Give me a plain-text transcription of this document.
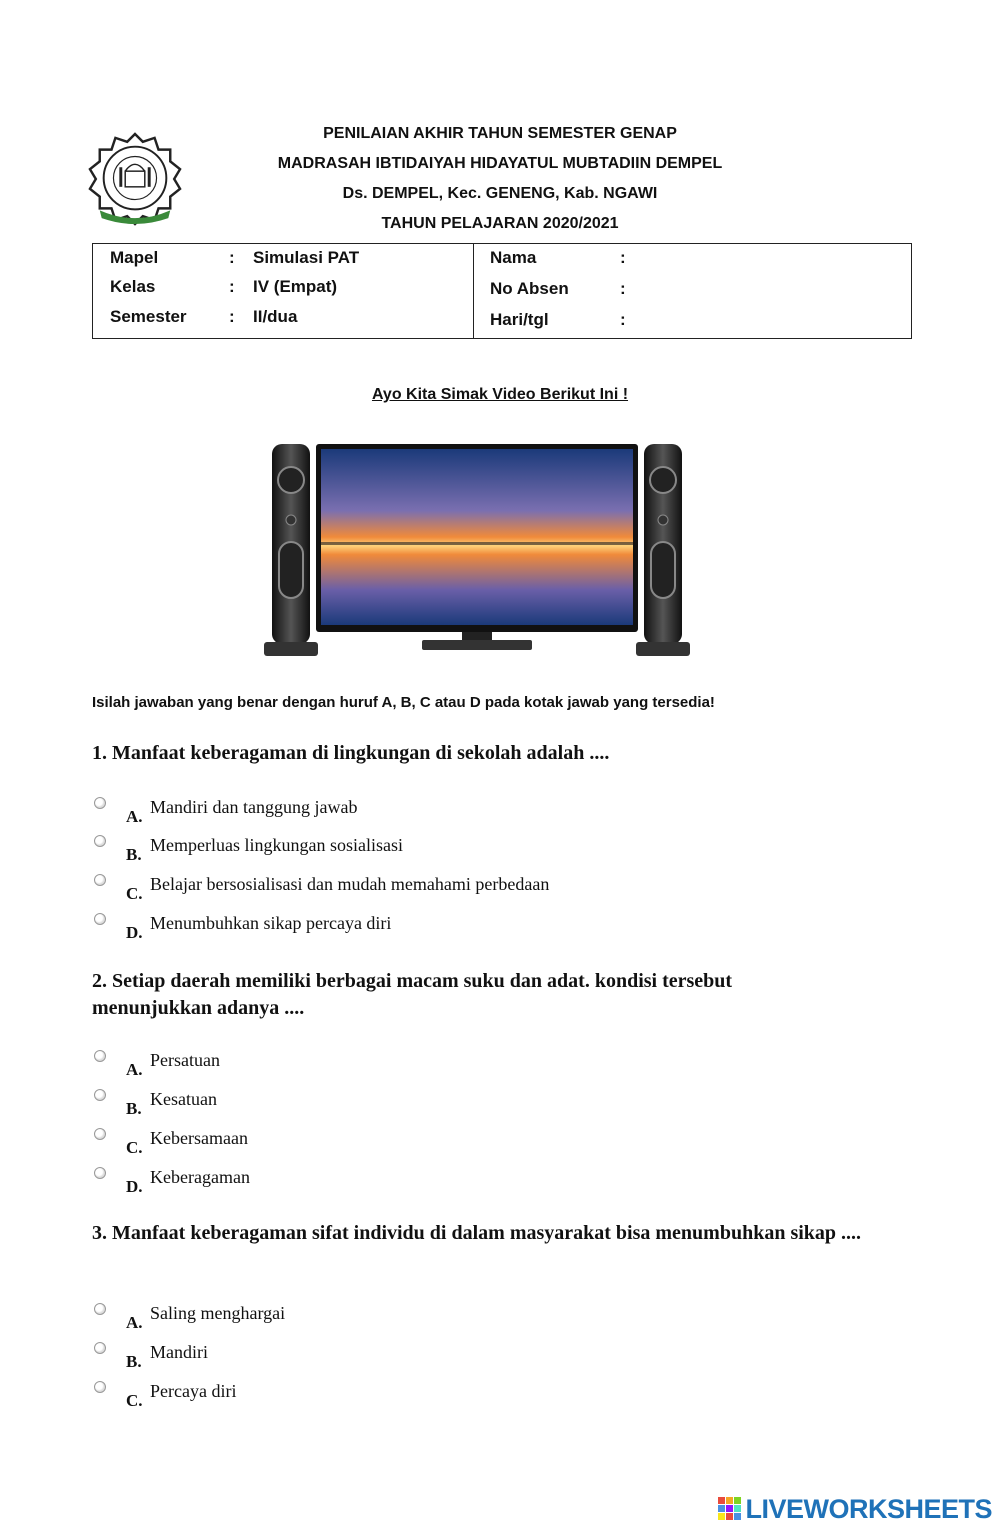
PENILAIAN AKHIR TAHUN SEMESTER GENAP
MADRASAH IBTIDAIYAH HIDAYATUL MUBTADIIN DEMPEL
Ds. DEMPEL, Kec. GENENG, Kab. NGAWI
TAHUN PELAJARAN 2020/2021
Mapel	: Simulasi PAT
Kelas	: IV (Empat)
Semester : II/dua
Nama	:
No Absen	:
Hari/tgl	:
Ayo Kita Simak Video Berikut Ini !
Isilah jawaban yang benar dengan huruf A, B, C atau D pada kotak jawab yang tersedia!
1. Manfaat keberagaman di lingkungan di sekolah adalah ....
A. Mandiri dan tanggung jawab
B. Memperluas lingkungan sosialisasi
C. Belajar bersosialisasi dan mudah memahami perbedaan
D. Menumbuhkan sikap percaya diri
2. Setiap daerah memiliki berbagai macam suku dan adat. kondisi tersebut menunjukkan adanya ....
A. Persatuan
B. Kesatuan
C. Kebersamaan
D. Keberagaman
3. Manfaat keberagaman sifat individu di dalam masyarakat bisa menumbuhkan sikap ....
A. Saling menghargai
B. Mandiri
C. Percaya diri
LIVEWORKSHEETS
